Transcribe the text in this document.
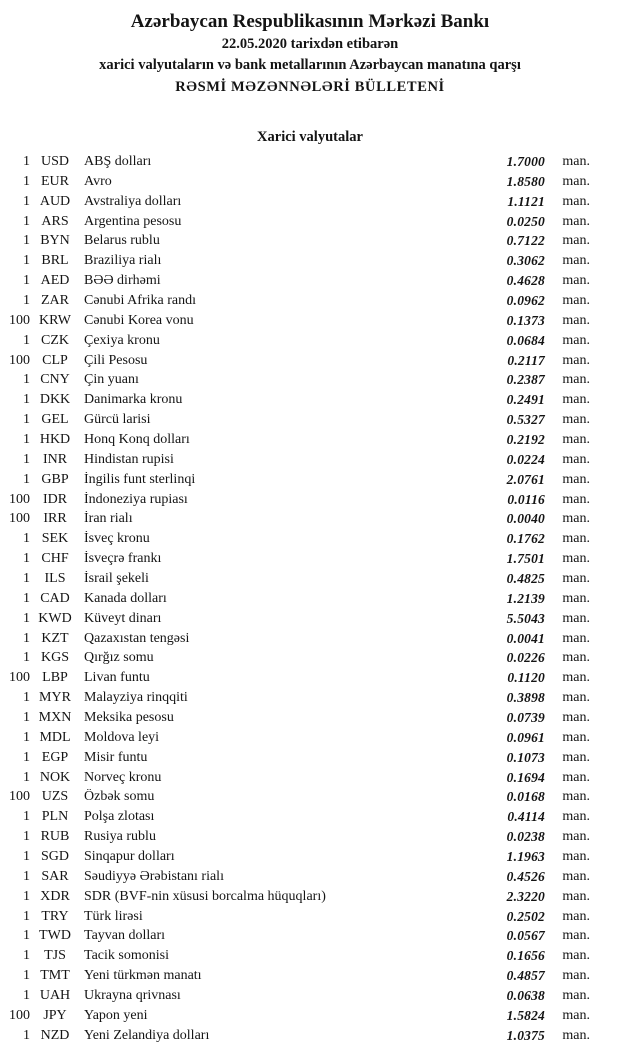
Azərbaycan Respublikasının Mərkəzi Bankı
22.05.2020 tarixdən etibarən
xarici valyutaların və bank metallarının Azərbaycan manatına qarşı
RƏSMİ MƏZƏNNƏLƏRİ BÜLLETENİ
Xarici valyutalar
1 USD	ABŞ dolları	1.7000	man.
1 EUR	Avro	1.8580	man.
1 AUD Avstraliya dolları	1.1121	man.
1 ARS	Argentina pesosu	0.0250	man.
1 BYN	Belarus rublu	0.7122	man.
1 BRL	Braziliya rialı	0.3062	man.
1 AED	BƏƏ dirhəmi	0.4628	man.
1 ZAR	Cənubi Afrika randı	0.0962	man.
100 KRW Cənubi Korea vonu	0.1373	man.
1 CZK	Çexiya kronu	0.0684	man.
100 CLP	Çili Pesosu	0.2117	man.
1 CNY	Çin yuanı	0.2387	man.
1 DKK Danimarka kronu	0.2491	man.
1 GEL	Gürcü larisi	0.5327	man.
1 HKD Honq Konq dolları	0.2192	man.
1 INR	Hindistan rupisi	0.0224	man.
1 GBP	İngilis funt sterlinqi	2.0761	man.
100 IDR	İndoneziya rupiası	0.0116	man.
100 IRR	İran rialı	0.0040	man.
1 SEK	İsveç kronu	0.1762	man.
1 CHF	İsveçrə frankı	1.7501	man.
1	ILS	İsrail şekeli	0.4825	man.
1 CAD	Kanada dolları	1.2139	man.
1 KWD Küveyt dinarı	5.5043	man.
1 KZT	Qazaxıstan tengəsi	0.0041	man.
1 KGS	Qırğız somu	0.0226	man.
100 LBP	Livan funtu	0.1120	man.
1 MYR Malayziya rinqqiti	0.3898	man.
1 MXN Meksika pesosu	0.0739	man.
1 MDL Moldova leyi	0.0961	man.
1 EGP	Misir funtu	0.1073	man.
1 NOK Norveç kronu	0.1694	man.
100 UZS	Özbək somu	0.0168	man.
1 PLN	Polşa zlotası	0.4114	man.
1 RUB	Rusiya rublu	0.0238	man.
1 SGD	Sinqapur dolları	1.1963	man.
1 SAR	Səudiyyə Ərəbistanı rialı	0.4526	man.
1 XDR	SDR (BVF-nin xüsusi borcalma hüquqları)	2.3220	man.
1 TRY	Türk lirəsi	0.2502	man.
1 TWD Tayvan dolları	0.0567	man.
1	TJS	Tacik somonisi	0.1656	man.
1 TMT	Yeni türkmən manatı	0.4857	man.
1 UAH Ukrayna qrivnası	0.0638	man.
100 JPY	Yapon yeni	1.5824	man.
1 NZD	Yeni Zelandiya dolları	1.0375	man.
